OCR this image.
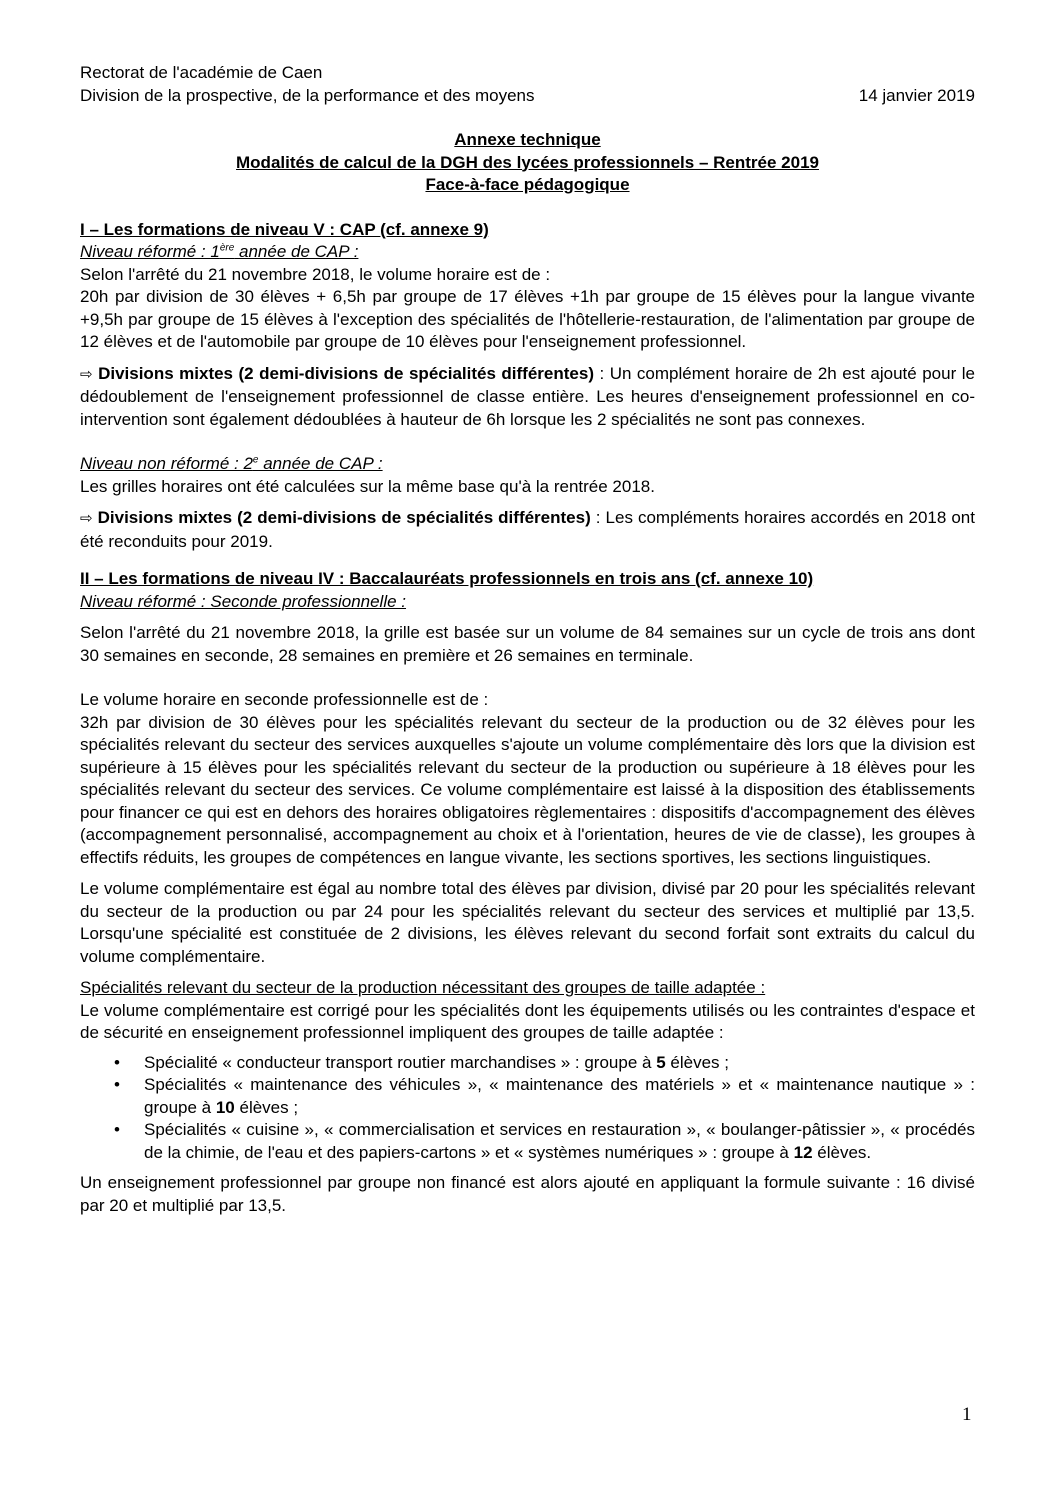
Rectorat de l'académie de Caen
Division de la prospective, de la performance et des moyens	14 janvier 2019
Annexe technique
Modalités de calcul de la DGH des lycées professionnels – Rentrée 2019
Face-à-face pédagogique
I – Les formations de niveau V : CAP (cf. annexe 9)
Niveau réformé : 1ère année de CAP :
Selon l'arrêté du 21 novembre 2018, le volume horaire est de :

20h par division de 30 élèves + 6,5h par groupe de 17 élèves +1h par groupe de 15 élèves pour la langue vivante +9,5h par groupe de 15 élèves à l'exception des spécialités de l'hôtellerie-restauration, de l'alimentation par groupe de 12 élèves et de l'automobile par groupe de 10 élèves pour l'enseignement professionnel.

⇨ Divisions mixtes (2 demi-divisions de spécialités différentes) : Un complément horaire de 2h est ajouté pour le dédoublement de l'enseignement professionnel de classe entière. Les heures d'enseignement professionnel en co-intervention sont également dédoublées à hauteur de 6h lorsque les 2 spécialités ne sont pas connexes.

Niveau non réformé : 2e année de CAP :

Les grilles horaires ont été calculées sur la même base qu'à la rentrée 2018.

⇨ Divisions mixtes (2 demi-divisions de spécialités différentes) : Les compléments horaires accordés en 2018 ont été reconduits pour 2019.

II – Les formations de niveau IV : Baccalauréats professionnels en trois ans (cf. annexe 10)
Niveau réformé : Seconde professionnelle :

Selon l'arrêté du 21 novembre 2018, la grille est basée sur un volume de 84 semaines sur un cycle de trois ans dont 30 semaines en seconde, 28 semaines en première et 26 semaines en terminale.

Le volume horaire en seconde professionnelle est de :

32h par division de 30 élèves pour les spécialités relevant du secteur de la production ou de 32 élèves pour les spécialités relevant du secteur des services auxquelles s'ajoute un volume complémentaire dès lors que la division est supérieure à 15 élèves pour les spécialités relevant du secteur de la production ou supérieure à 18 élèves pour les spécialités relevant du secteur des services. Ce volume complémentaire est laissé à la disposition des établissements pour financer ce qui est en dehors des horaires obligatoires règlementaires : dispositifs d'accompagnement des élèves (accompagnement personnalisé, accompagnement au choix et à l'orientation, heures de vie de classe), les groupes à effectifs réduits, les groupes de compétences en langue vivante, les sections sportives, les sections linguistiques.

Le volume complémentaire est égal au nombre total des élèves par division, divisé par 20 pour les spécialités relevant du secteur de la production ou par 24 pour les spécialités relevant du secteur des services et multiplié par 13,5. Lorsqu'une spécialité est constituée de 2 divisions, les élèves relevant du second forfait sont extraits du calcul du volume complémentaire.

Spécialités relevant du secteur de la production nécessitant des groupes de taille adaptée :

Le volume complémentaire est corrigé pour les spécialités dont les équipements utilisés ou les contraintes d'espace et de sécurité en enseignement professionnel impliquent des groupes de taille adaptée :

• Spécialité « conducteur transport routier marchandises » : groupe à 5 élèves ;
• Spécialités « maintenance des véhicules », « maintenance des matériels » et « maintenance nautique » : groupe à 10 élèves ;
• Spécialités « cuisine », « commercialisation et services en restauration », « boulanger-pâtissier », « procédés de la chimie, de l'eau et des papiers-cartons » et « systèmes numériques » : groupe à 12 élèves.

Un enseignement professionnel par groupe non financé est alors ajouté en appliquant la formule suivante : 16 divisé par 20 et multiplié par 13,5.

1
